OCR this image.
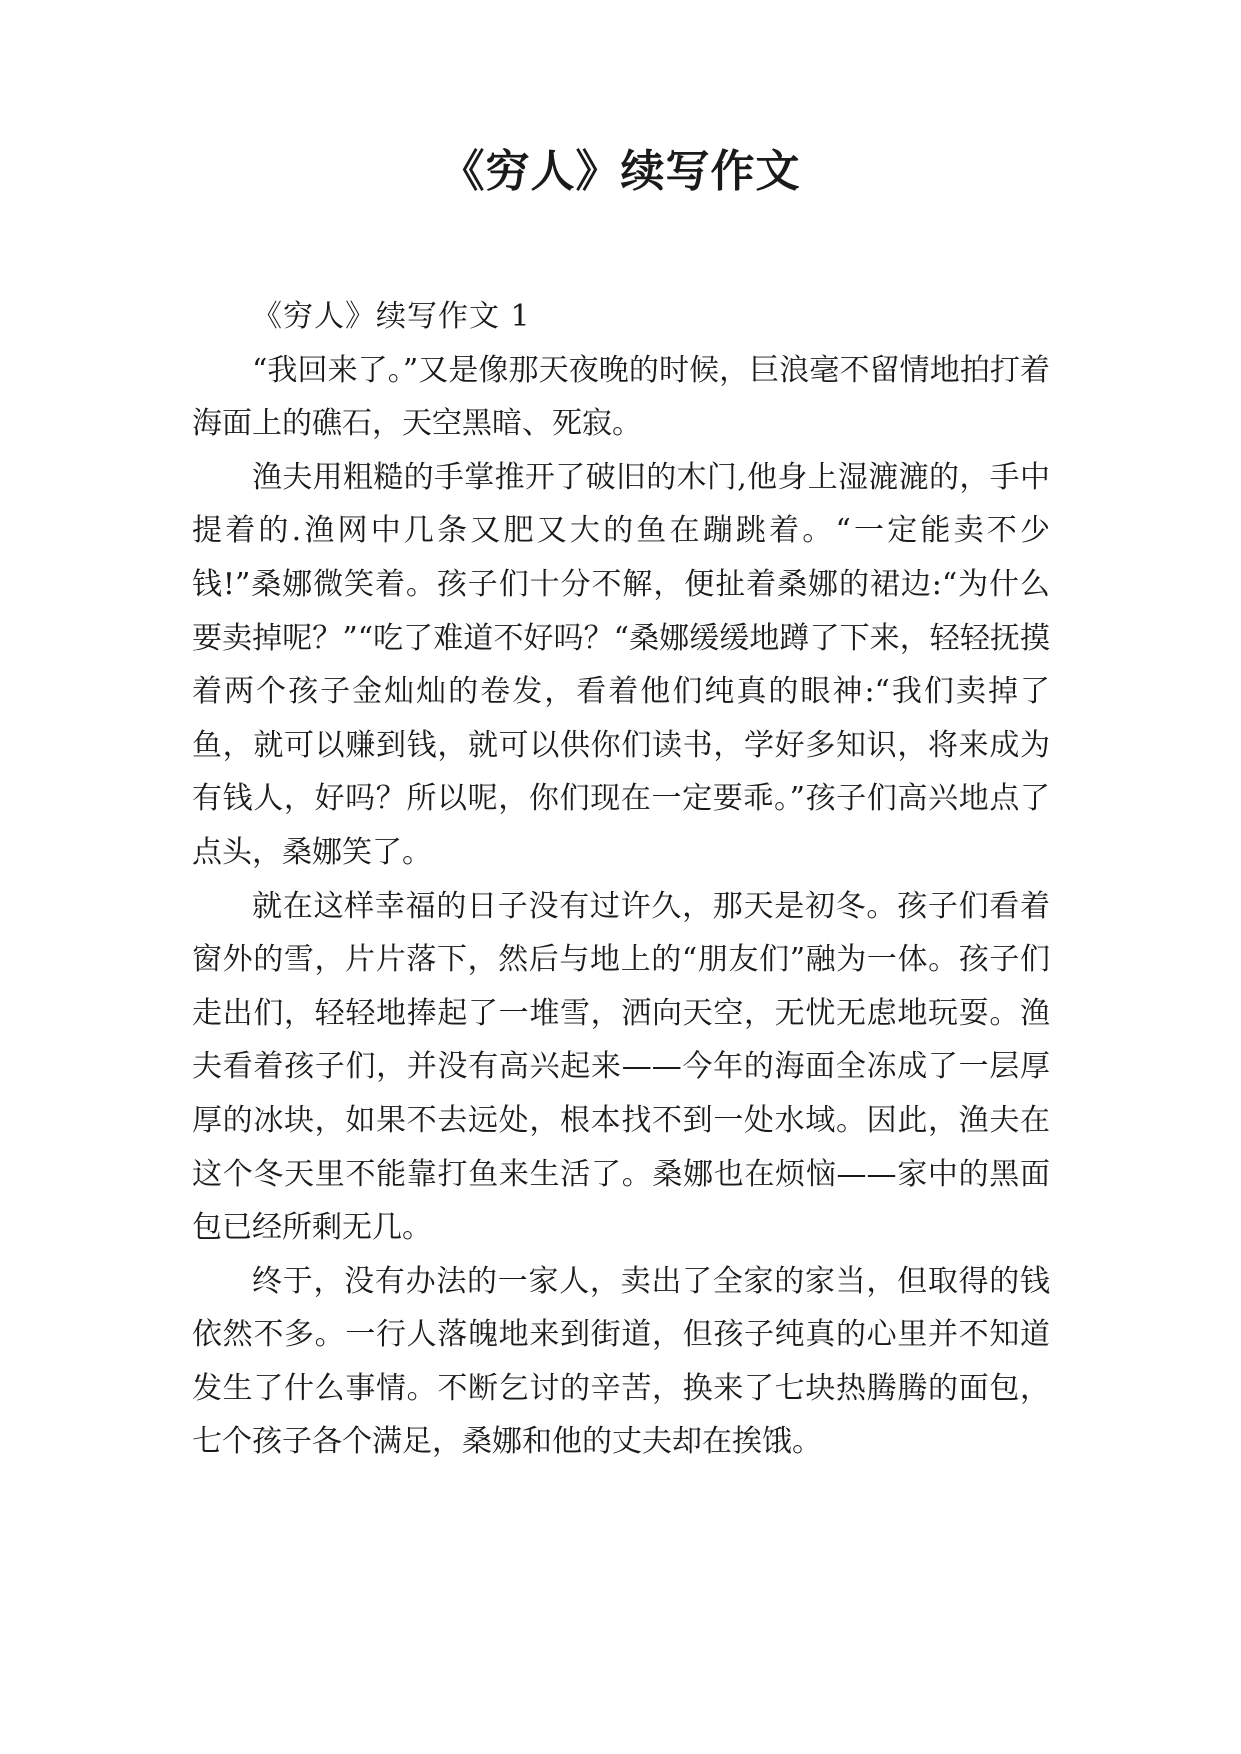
《穷人》续写作文

《穷人》续写作文 1

“我回来了。”又是像那天夜晚的时候，巨浪毫不留情地拍打着海面上的礁石，天空黑暗、死寂。

渔夫用粗糙的手掌推开了破旧的木门,他身上湿漉漉的，手中提着的.渔网中几条又肥又大的鱼在蹦跳着。“一定能卖不少钱!”桑娜微笑着。孩子们十分不解，便扯着桑娜的裙边:“为什么要卖掉呢？”“吃了难道不好吗？“桑娜缓缓地蹲了下来，轻轻抚摸着两个孩子金灿灿的卷发，看着他们纯真的眼神:“我们卖掉了鱼，就可以赚到钱，就可以供你们读书，学好多知识，将来成为有钱人，好吗？所以呢，你们现在一定要乖。”孩子们高兴地点了点头，桑娜笑了。

就在这样幸福的日子没有过许久，那天是初冬。孩子们看着窗外的雪，片片落下，然后与地上的“朋友们”融为一体。孩子们走出们，轻轻地捧起了一堆雪，洒向天空，无忧无虑地玩耍。渔夫看着孩子们，并没有高兴起来——今年的海面全冻成了一层厚厚的冰块，如果不去远处，根本找不到一处水域。因此，渔夫在这个冬天里不能靠打鱼来生活了。桑娜也在烦恼——家中的黑面包已经所剩无几。

终于，没有办法的一家人，卖出了全家的家当，但取得的钱依然不多。一行人落魄地来到街道，但孩子纯真的心里并不知道发生了什么事情。不断乞讨的辛苦，换来了七块热腾腾的面包，七个孩子各个满足，桑娜和他的丈夫却在挨饿。
